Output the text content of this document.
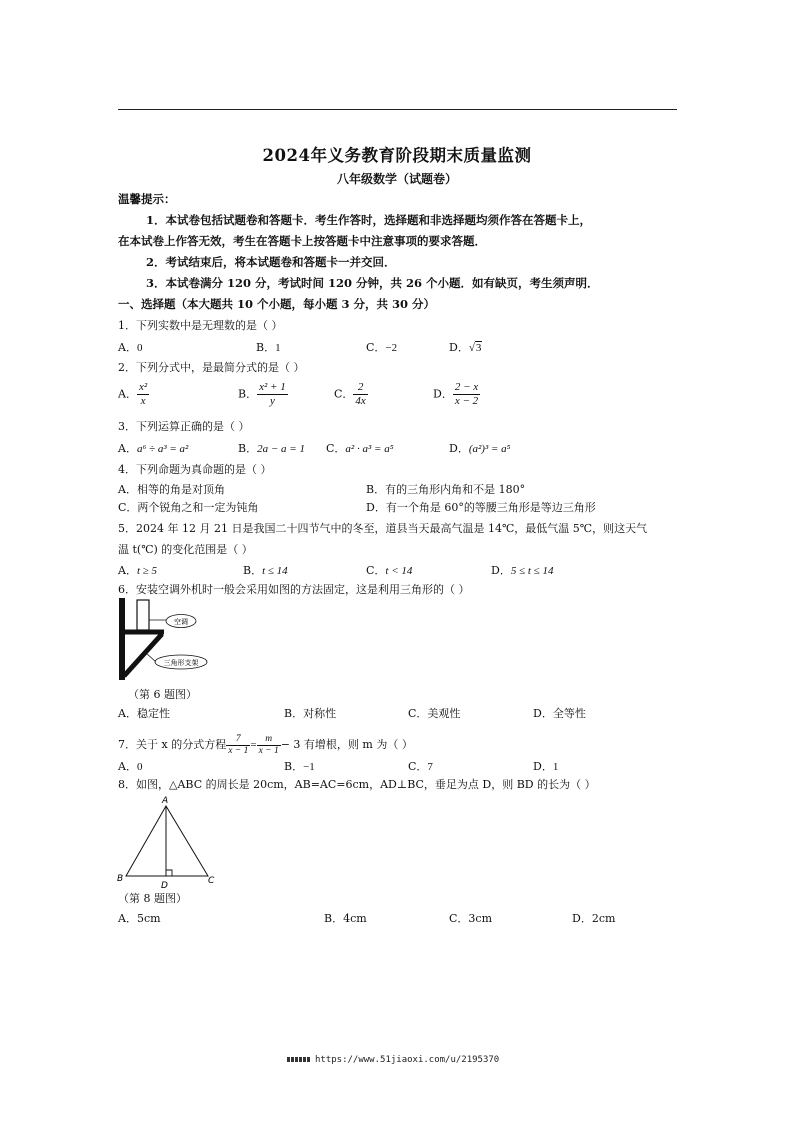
2024年义务教育阶段期末质量监测
八年级数学（试题卷）
温馨提示：
1．本试卷包括试题卷和答题卡．考生作答时，选择题和非选择题均须作答在答题卡上，
在本试卷上作答无效，考生在答题卡上按答题卡中注意事项的要求答题．
2．考试结束后，将本试题卷和答题卡一并交回．
3．本试卷满分 120 分，考试时间 120 分钟，共 26 个小题．如有缺页，考生须声明．
一、选择题（本大题共 10 个小题，每小题 3 分，共 30 分）
1．下列实数中是无理数的是（ ）
A．0	B．1	C．−2	D．√3
2．下列分式中，是最简分式的是（ ）
A． $\frac{\text{x²}}{x}$	B． $\frac{\text{x² + 1}}{y}$	C． $\frac{2}{4x}$	D． $\frac{2 - x}{x - 2}$
3．下列运算正确的是（ ）
A．a⁶ ÷ a³ = a²	B．2a − a = 1 C．a² · a³ = a⁵	D．(a²)³ = a⁵
4．下列命题为真命题的是（ ）
A．相等的角是对顶角	B．有的三角形内角和不是 180°
C．两个锐角之和一定为钝角	D．有一个角是 60°的等腰三角形是等边三角形
5．2024 年 12 月 21 日是我国二十四节气中的冬至，道县当天最高气温是 14℃，最低气温 5℃，则这天气
温 t(℃) 的变化范围是（ ）
A．t ≥ 5	B．t ≤ 14	C．t < 14	D．5 ≤ t ≤ 14
6．安装空调外机时一般会采用如图的方法固定，这是利用三角形的（ ）
空调
三角形支架
（第 6 题图）
A．稳定性	B．对称性	C．美观性	D．全等性
7．关于 x 的分式方程 $\frac{7}{x - 1} = \frac{m}{x - 1} - 3$ 有增根，则 m 为（ ）
A．0	B．−1	C．7	D．1
8．如图，△ABC 的周长是 20cm，AB=AC=6cm，AD⊥BC，垂足为点 D，则 BD 的长为（ ）
A
B	C
D
（第 8 题图）
A．5cm	B．4cm	C．3cm	D．2cm
https://www.51jiaoxi.com/u/2195370
